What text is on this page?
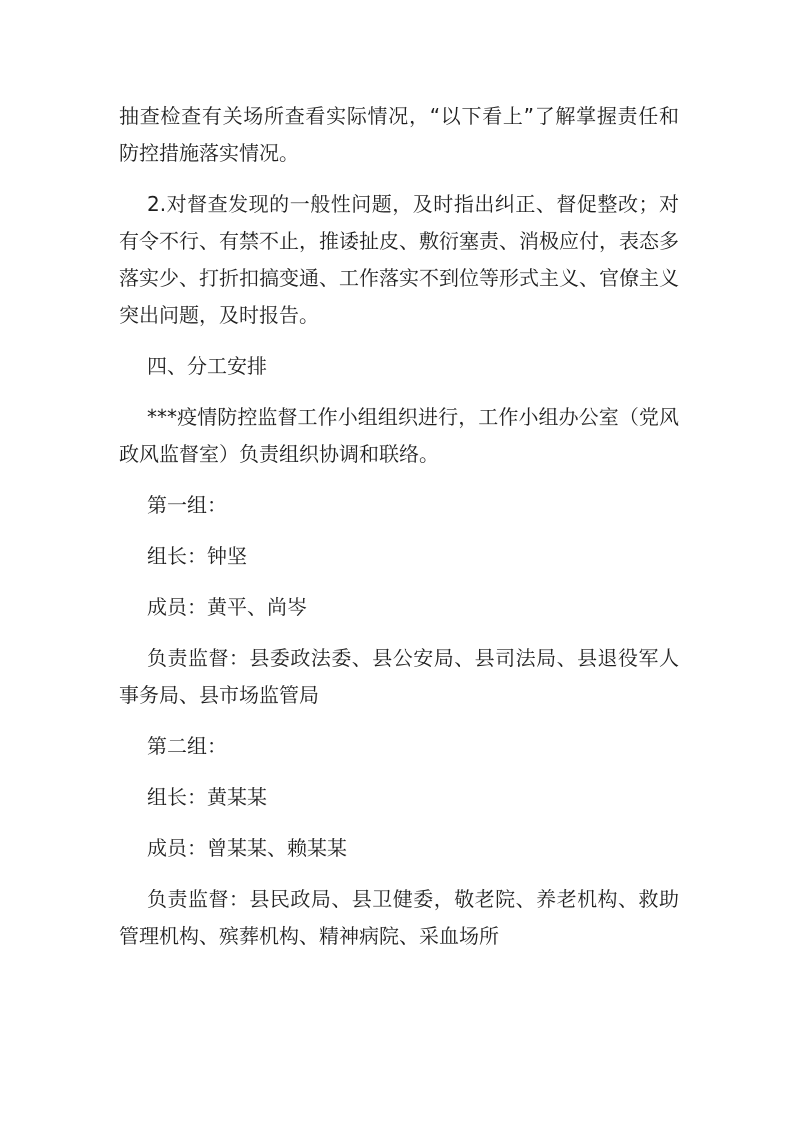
抽查检查有关场所查看实际情况，“以下看上”了解掌握责任和防控措施落实情况。

2.对督查发现的一般性问题，及时指出纠正、督促整改；对有令不行、有禁不止，推诿扯皮、敷衍塞责、消极应付，表态多落实少、打折扣搞变通、工作落实不到位等形式主义、官僚主义突出问题，及时报告。

四、分工安排

***疫情防控监督工作小组组织进行，工作小组办公室（党风政风监督室）负责组织协调和联络。

第一组：

组长：钟坚

成员：黄平、尚岑

负责监督：县委政法委、县公安局、县司法局、县退役军人事务局、县市场监管局

第二组：

组长：黄某某

成员：曾某某、赖某某

负责监督：县民政局、县卫健委，敬老院、养老机构、救助管理机构、殡葬机构、精神病院、采血场所
